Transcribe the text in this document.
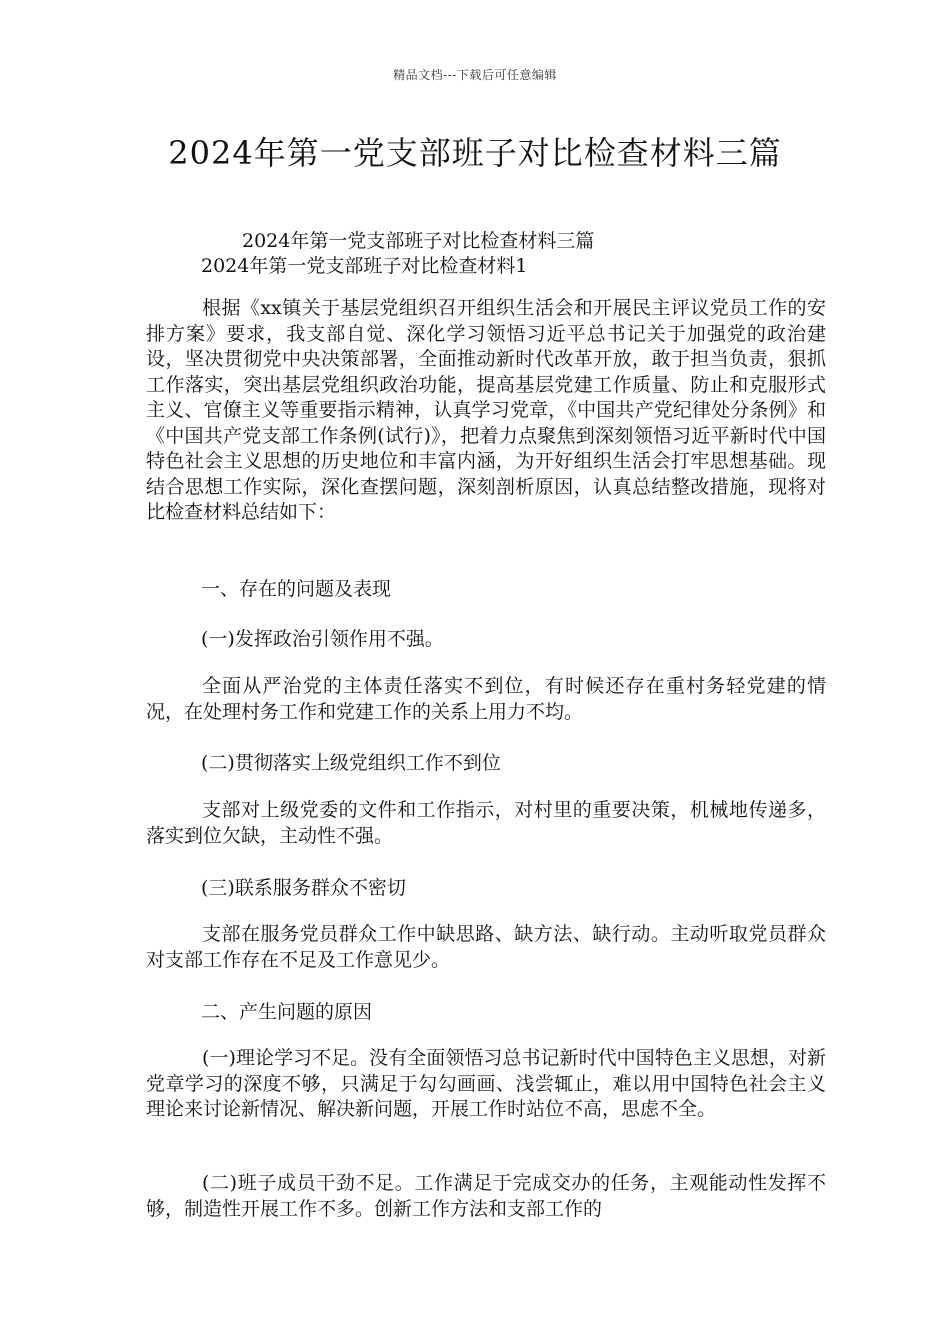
精品文档---下载后可任意编辑
2024年第一党支部班子对比检查材料三篇
2024年第一党支部班子对比检查材料三篇
2024年第一党支部班子对比检查材料1

根据《xx镇关于基层党组织召开组织生活会和开展民主评议党员工作的安排方案》要求，我支部自觉、深化学习领悟习近平总书记关于加强党的政治建设，坚决贯彻党中央决策部署，全面推动新时代改革开放，敢于担当负责，狠抓工作落实，突出基层党组织政治功能，提高基层党建工作质量、防止和克服形式主义、官僚主义等重要指示精神，认真学习党章，《中国共产党纪律处分条例》和《中国共产党支部工作条例(试行)》，把着力点聚焦到深刻领悟习近平新时代中国特色社会主义思想的历史地位和丰富内涵，为开好组织生活会打牢思想基础。现结合思想工作实际，深化查摆问题，深刻剖析原因，认真总结整改措施，现将对比检查材料总结如下：

一、存在的问题及表现

(一)发挥政治引领作用不强。

全面从严治党的主体责任落实不到位，有时候还存在重村务轻党建的情况，在处理村务工作和党建工作的关系上用力不均。

(二)贯彻落实上级党组织工作不到位

支部对上级党委的文件和工作指示，对村里的重要决策，机械地传递多，落实到位欠缺，主动性不强。

(三)联系服务群众不密切

支部在服务党员群众工作中缺思路、缺方法、缺行动。主动听取党员群众对支部工作存在不足及工作意见少。

二、产生问题的原因

(一)理论学习不足。没有全面领悟习总书记新时代中国特色主义思想，对新党章学习的深度不够，只满足于勾勾画画、浅尝辄止，难以用中国特色社会主义理论来讨论新情况、解决新问题，开展工作时站位不高，思虑不全。

(二)班子成员干劲不足。工作满足于完成交办的任务，主观能动性发挥不够，制造性开展工作不多。创新工作方法和支部工作的
